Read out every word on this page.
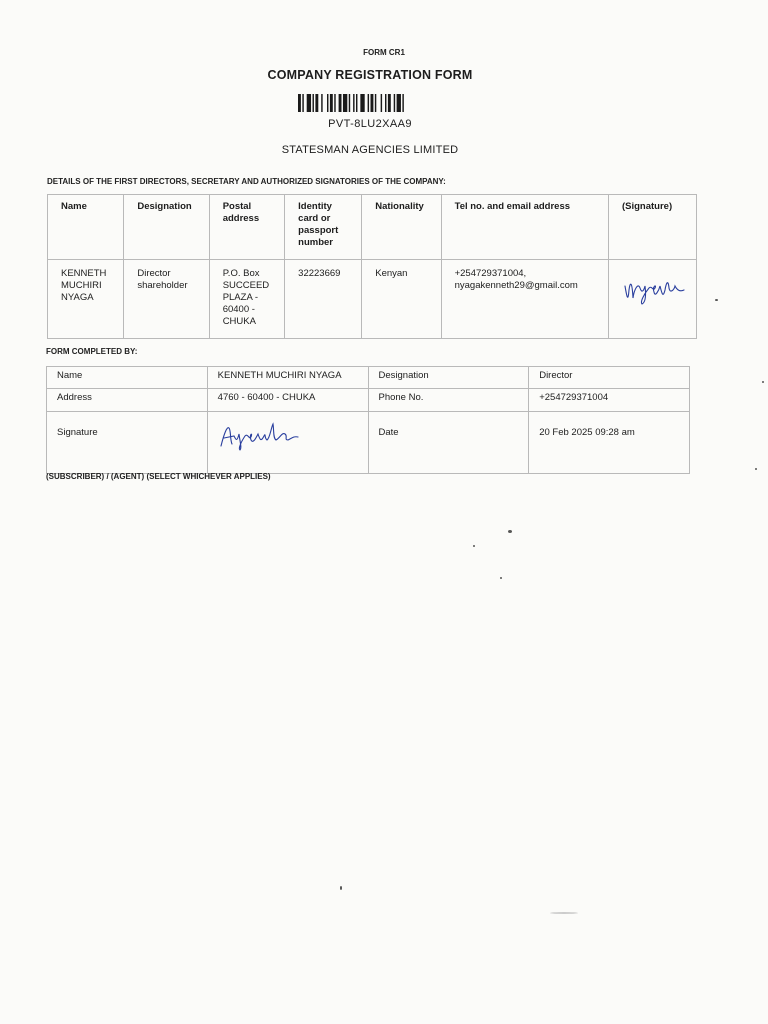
FORM CR1
COMPANY REGISTRATION FORM
PVT-8LU2XAA9
STATESMAN AGENCIES LIMITED
DETAILS OF THE FIRST DIRECTORS, SECRETARY AND AUTHORIZED SIGNATORIES OF THE COMPANY:
Name	Designation	Postal address	Identity card or passport number	Nationality	Tel no. and email address	(Signature)
KENNETH MUCHIRI NYAGA	Director shareholder	P.O. Box SUCCEED PLAZA - 60400 - CHUKA	32223669	Kenyan	+254729371004,
nyagakenneth29@gmail.com

FORM COMPLETED BY:
Name	KENNETH MUCHIRI NYAGA	Designation	Director
Address	4760 - 60400 - CHUKA	Phone No.	+254729371004
Signature		Date	20 Feb 2025 09:28 am
(SUBSCRIBER) / (AGENT) (SELECT WHICHEVER APPLIES)
